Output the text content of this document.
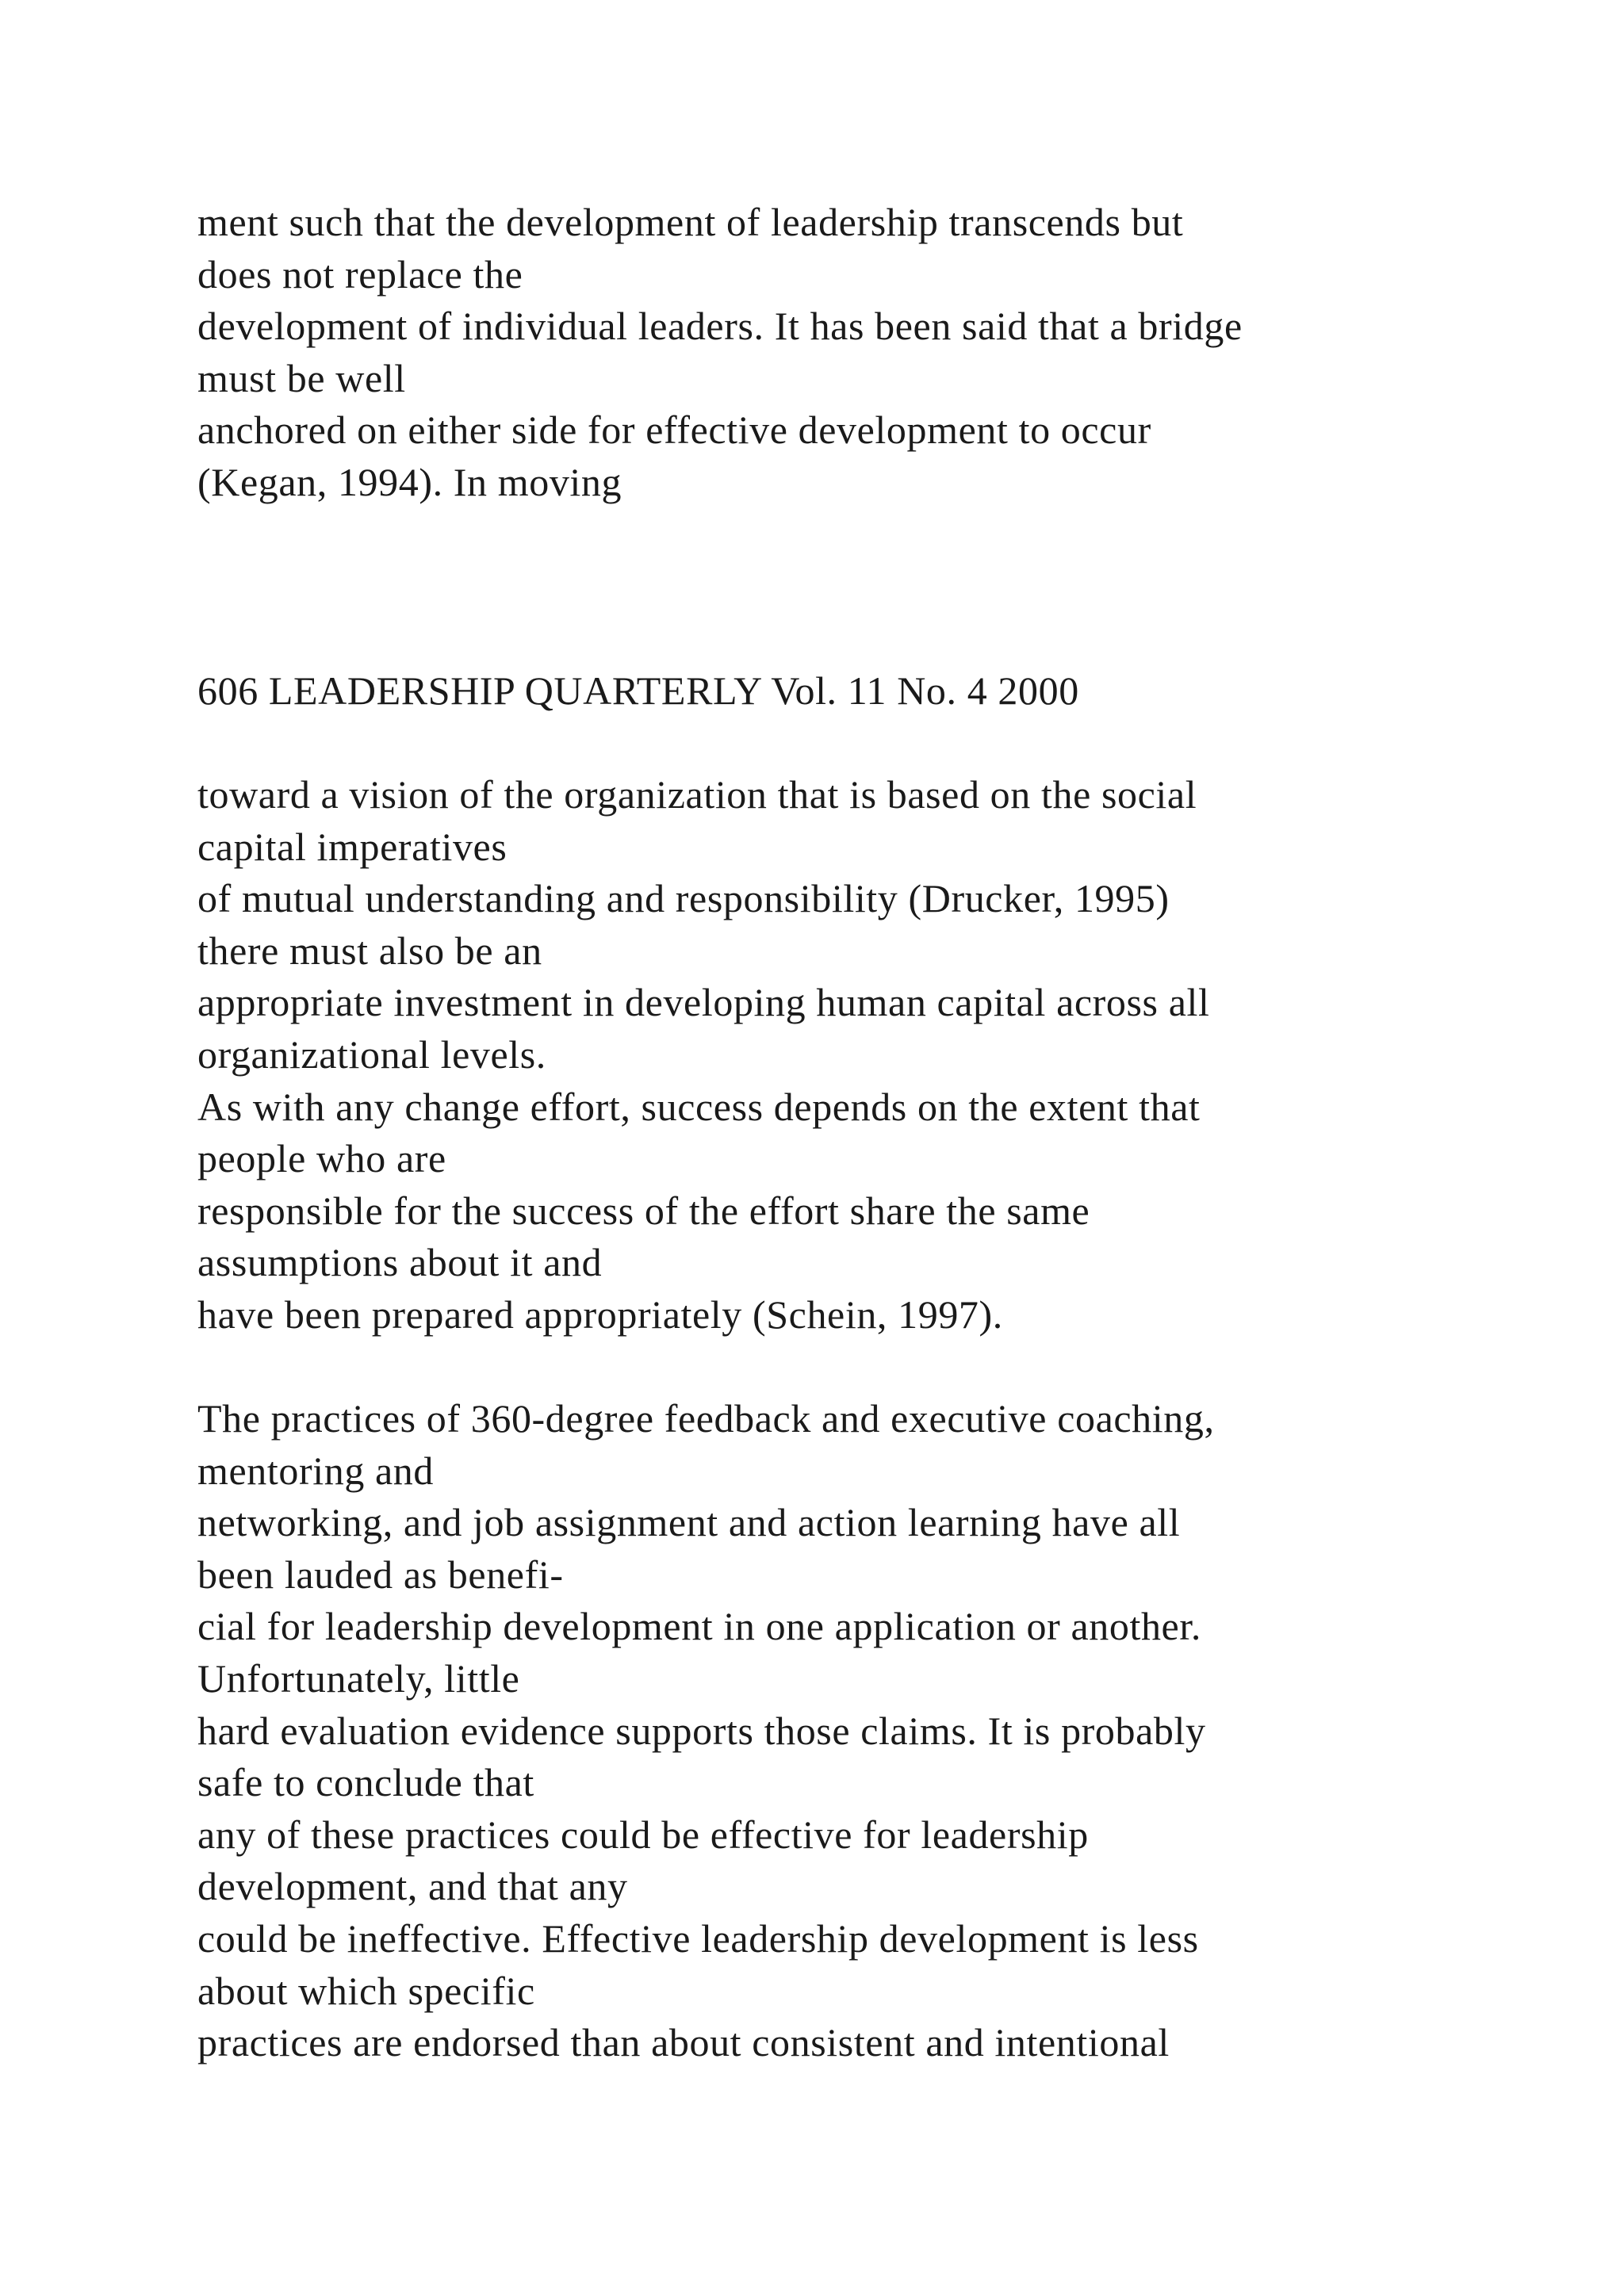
ment such that the development of leadership transcends but
does not replace the
development of individual leaders. It has been said that a bridge
must be well
anchored on either side for effective development to occur
(Kegan, 1994). In moving
606 LEADERSHIP QUARTERLY Vol. 11 No. 4 2000
toward a vision of the organization that is based on the social
capital imperatives
of mutual understanding and responsibility (Drucker, 1995)
there must also be an
appropriate investment in developing human capital across all
organizational levels.
As with any change effort, success depends on the extent that
people who are
responsible for the success of the effort share the same
assumptions about it and
have been prepared appropriately (Schein, 1997).
The practices of 360-degree feedback and executive coaching,
mentoring and
networking, and job assignment and action learning have all
been lauded as benefi-
cial for leadership development in one application or another.
Unfortunately, little
hard evaluation evidence supports those claims. It is probably
safe to conclude that
any of these practices could be effective for leadership
development, and that any
could be ineffective. Effective leadership development is less
about which specific
practices are endorsed than about consistent and intentional
